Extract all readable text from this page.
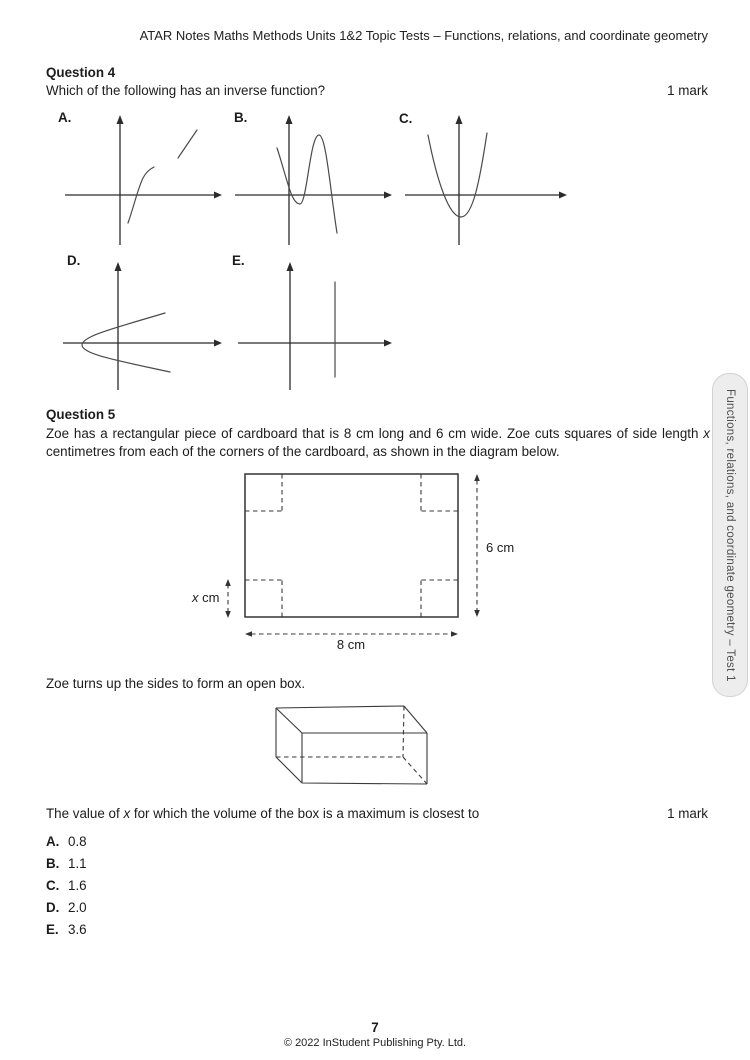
ATAR Notes Maths Methods Units 1&2 Topic Tests – Functions, relations, and coordinate geometry
Question 4
Which of the following has an inverse function?	1 mark
A.	B.	C.
D.	E.
Question 5
Zoe has a rectangular piece of cardboard that is 8 cm long and 6 cm wide. Zoe cuts squares of side length x
centimetres from each of the corners of the cardboard, as shown in the diagram below.
x cm
6 cm
8 cm
Zoe turns up the sides to form an open box.
The value of x for which the volume of the box is a maximum is closest to	1 mark
A. 0.8
B. 1.1
C. 1.6
D. 2.0
E. 3.6
Functions, relations, and coordinate geometry – Test 1
7
© 2022 InStudent Publishing Pty. Ltd.
